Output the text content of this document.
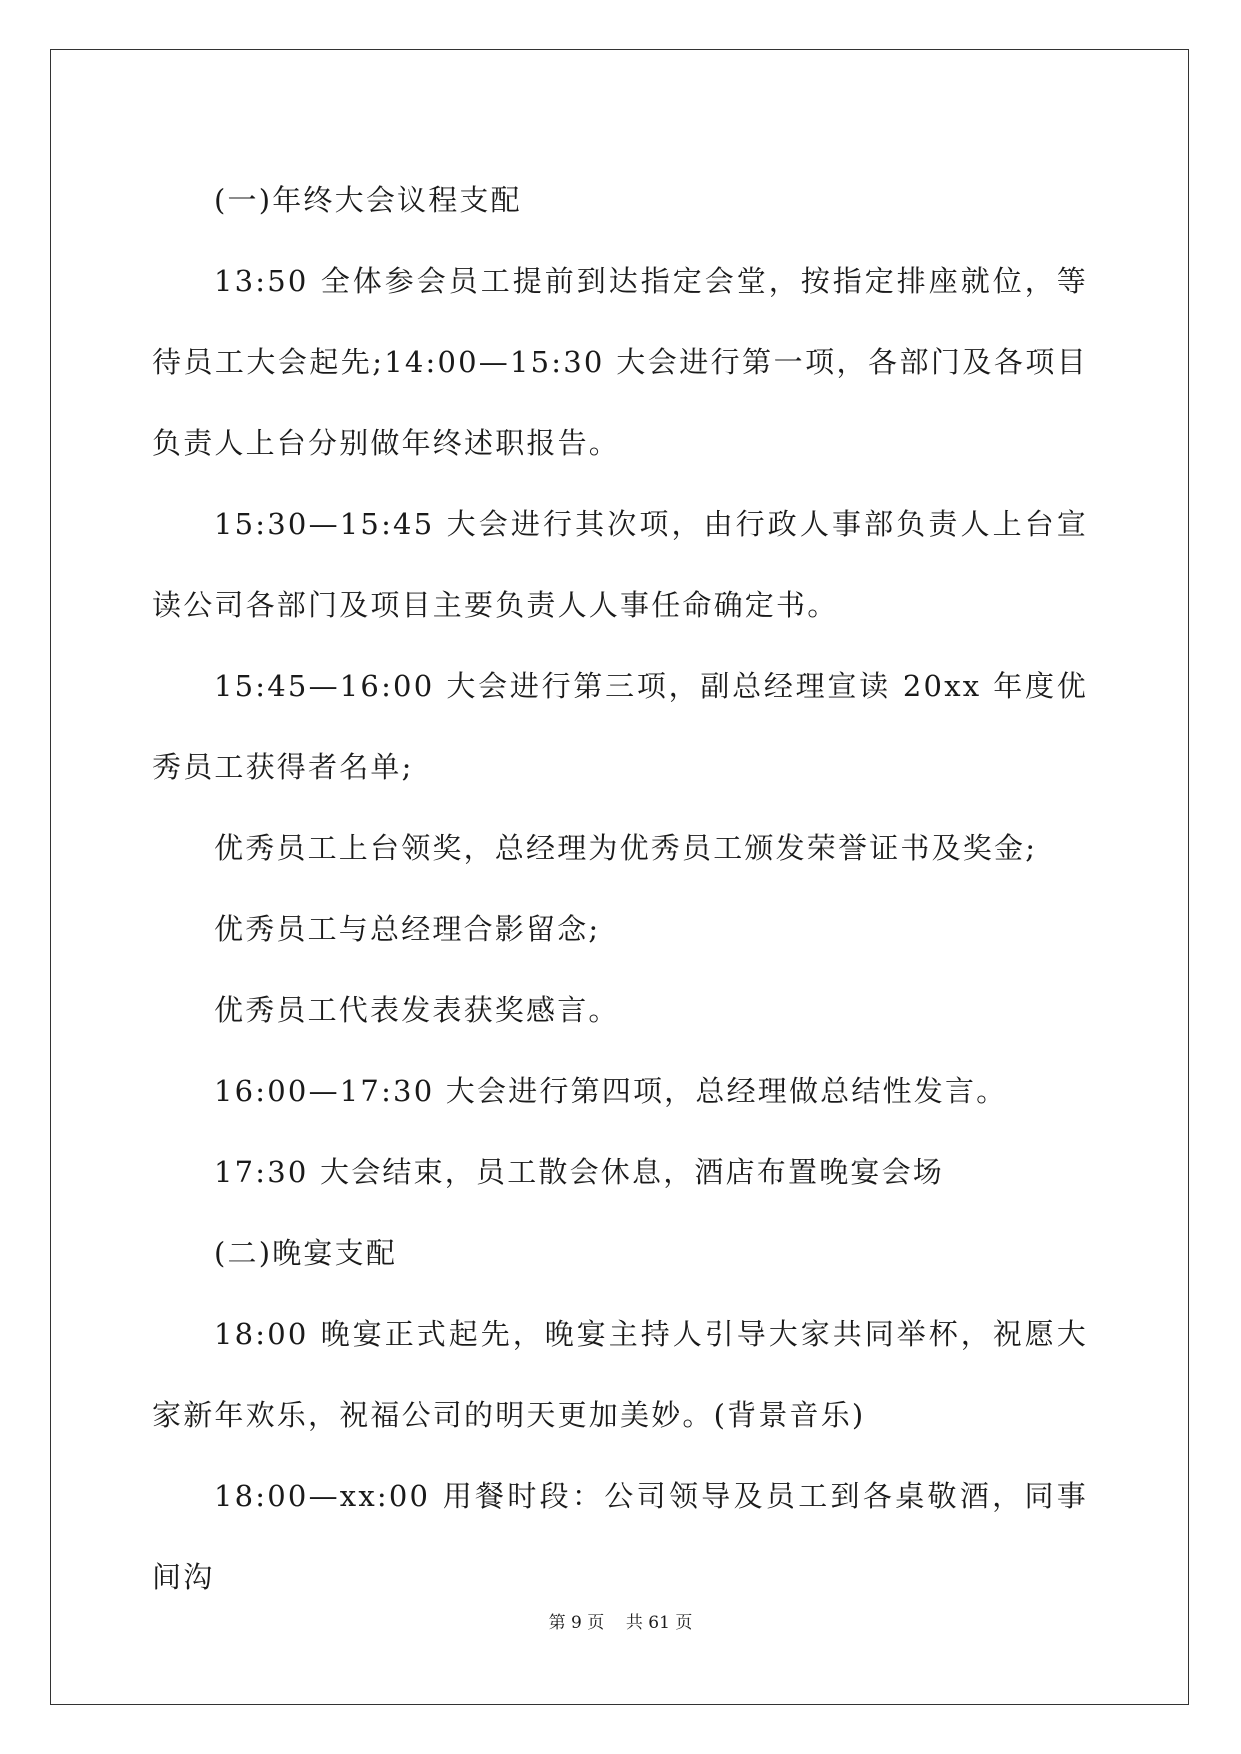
(一)年终大会议程支配

13:50 全体参会员工提前到达指定会堂，按指定排座就位，等待员工大会起先;14:00—15:30 大会进行第一项，各部门及各项目负责人上台分别做年终述职报告。

15:30—15:45 大会进行其次项，由行政人事部负责人上台宣读公司各部门及项目主要负责人人事任命确定书。

15:45—16:00 大会进行第三项，副总经理宣读 20xx 年度优秀员工获得者名单;

优秀员工上台领奖，总经理为优秀员工颁发荣誉证书及奖金;

优秀员工与总经理合影留念;

优秀员工代表发表获奖感言。

16:00—17:30 大会进行第四项，总经理做总结性发言。

17:30 大会结束，员工散会休息，酒店布置晚宴会场

(二)晚宴支配

18:00 晚宴正式起先，晚宴主持人引导大家共同举杯，祝愿大家新年欢乐，祝福公司的明天更加美妙。(背景音乐)

18:00—xx:00 用餐时段：公司领导及员工到各桌敬酒，同事间沟

第 9 页    共 61 页
